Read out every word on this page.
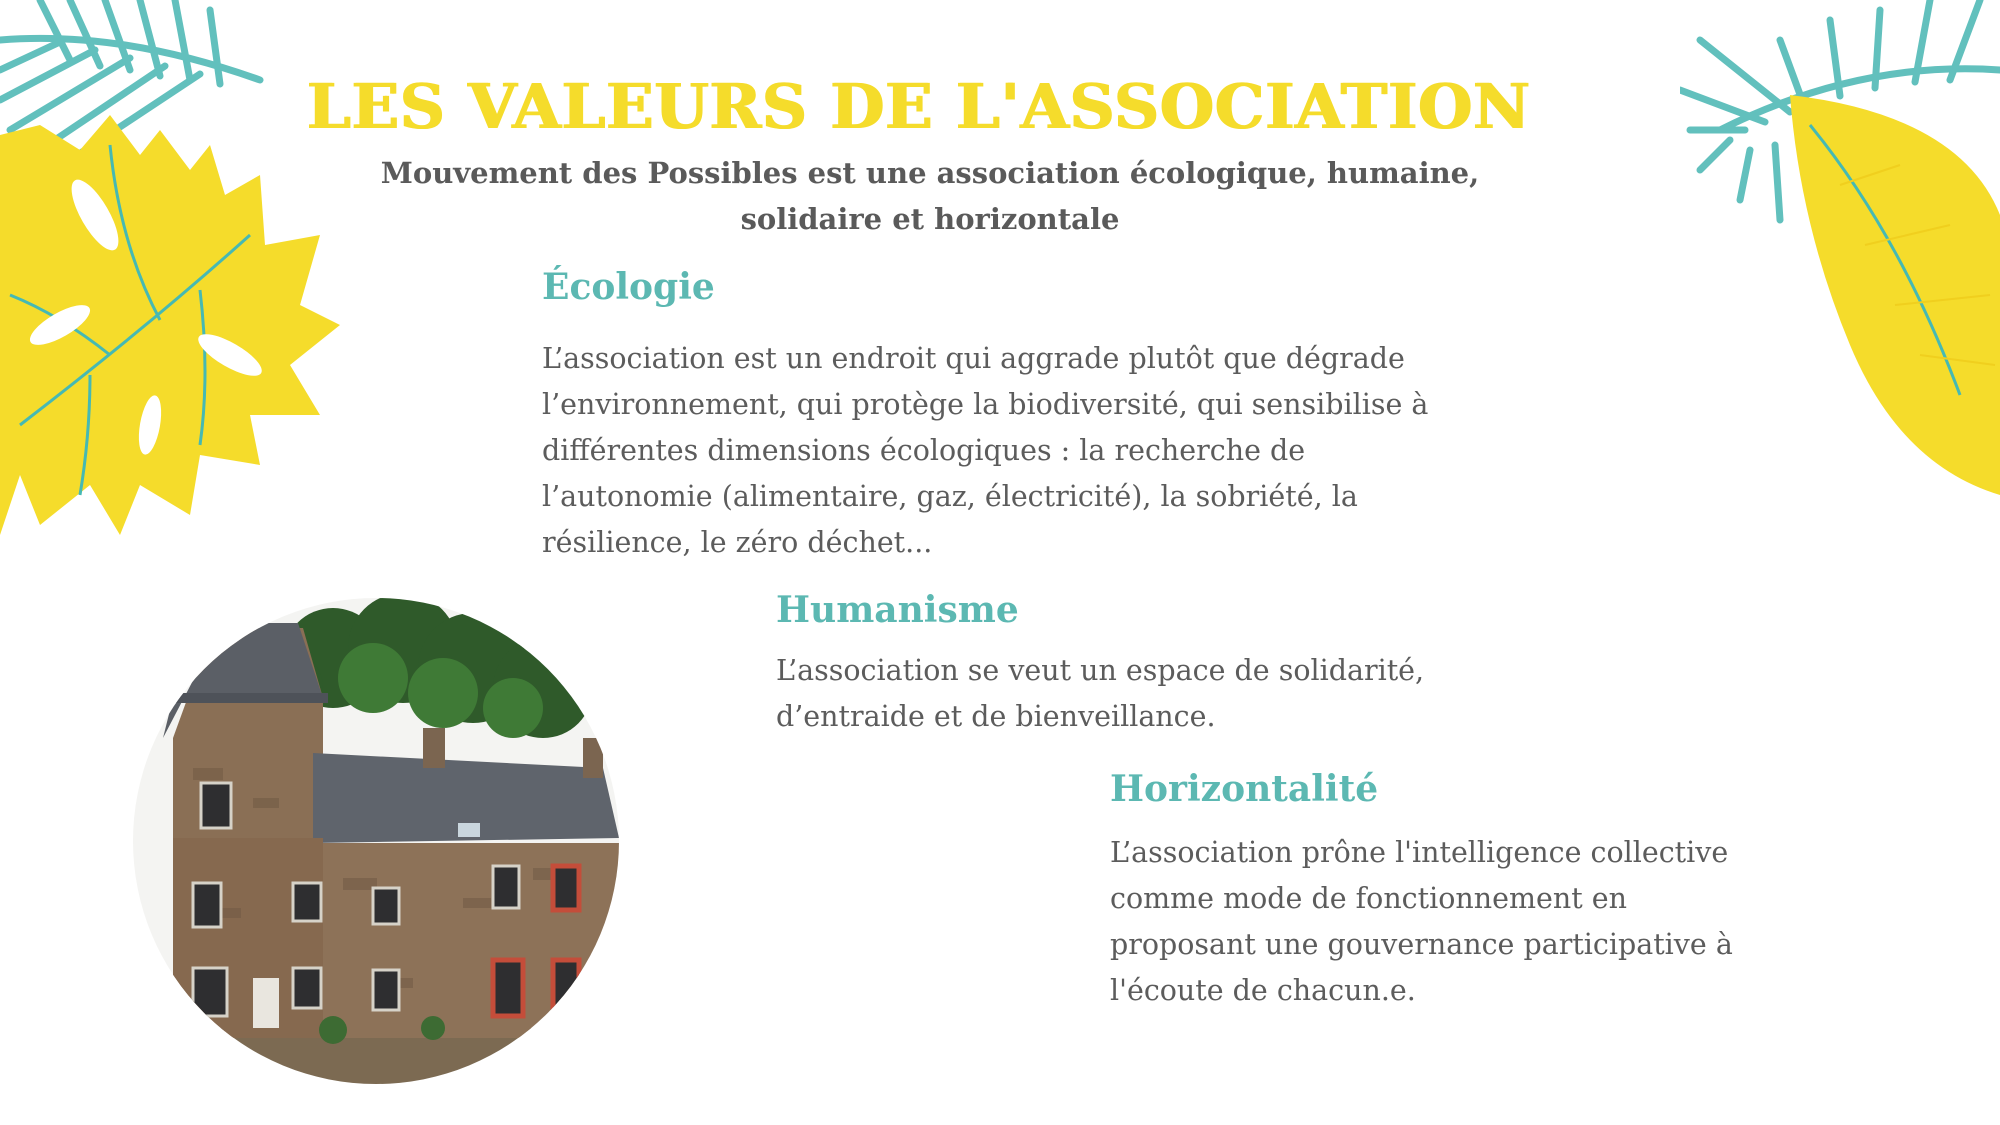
LES VALEURS DE L'ASSOCIATION

Mouvement des Possibles est une association écologique, humaine, solidaire et horizontale

Écologie

L’association est un endroit qui aggrade plutôt que dégrade l’environnement, qui protège la biodiversité, qui sensibilise à différentes dimensions écologiques : la recherche de l’autonomie (alimentaire, gaz, électricité), la sobriété, la résilience, le zéro déchet...

Humanisme

L’association se veut un espace de solidarité, d’entraide et de bienveillance.

Horizontalité

L’association prône l'intelligence collective comme mode de fonctionnement en proposant une gouvernance participative à l'écoute de chacun.e.
